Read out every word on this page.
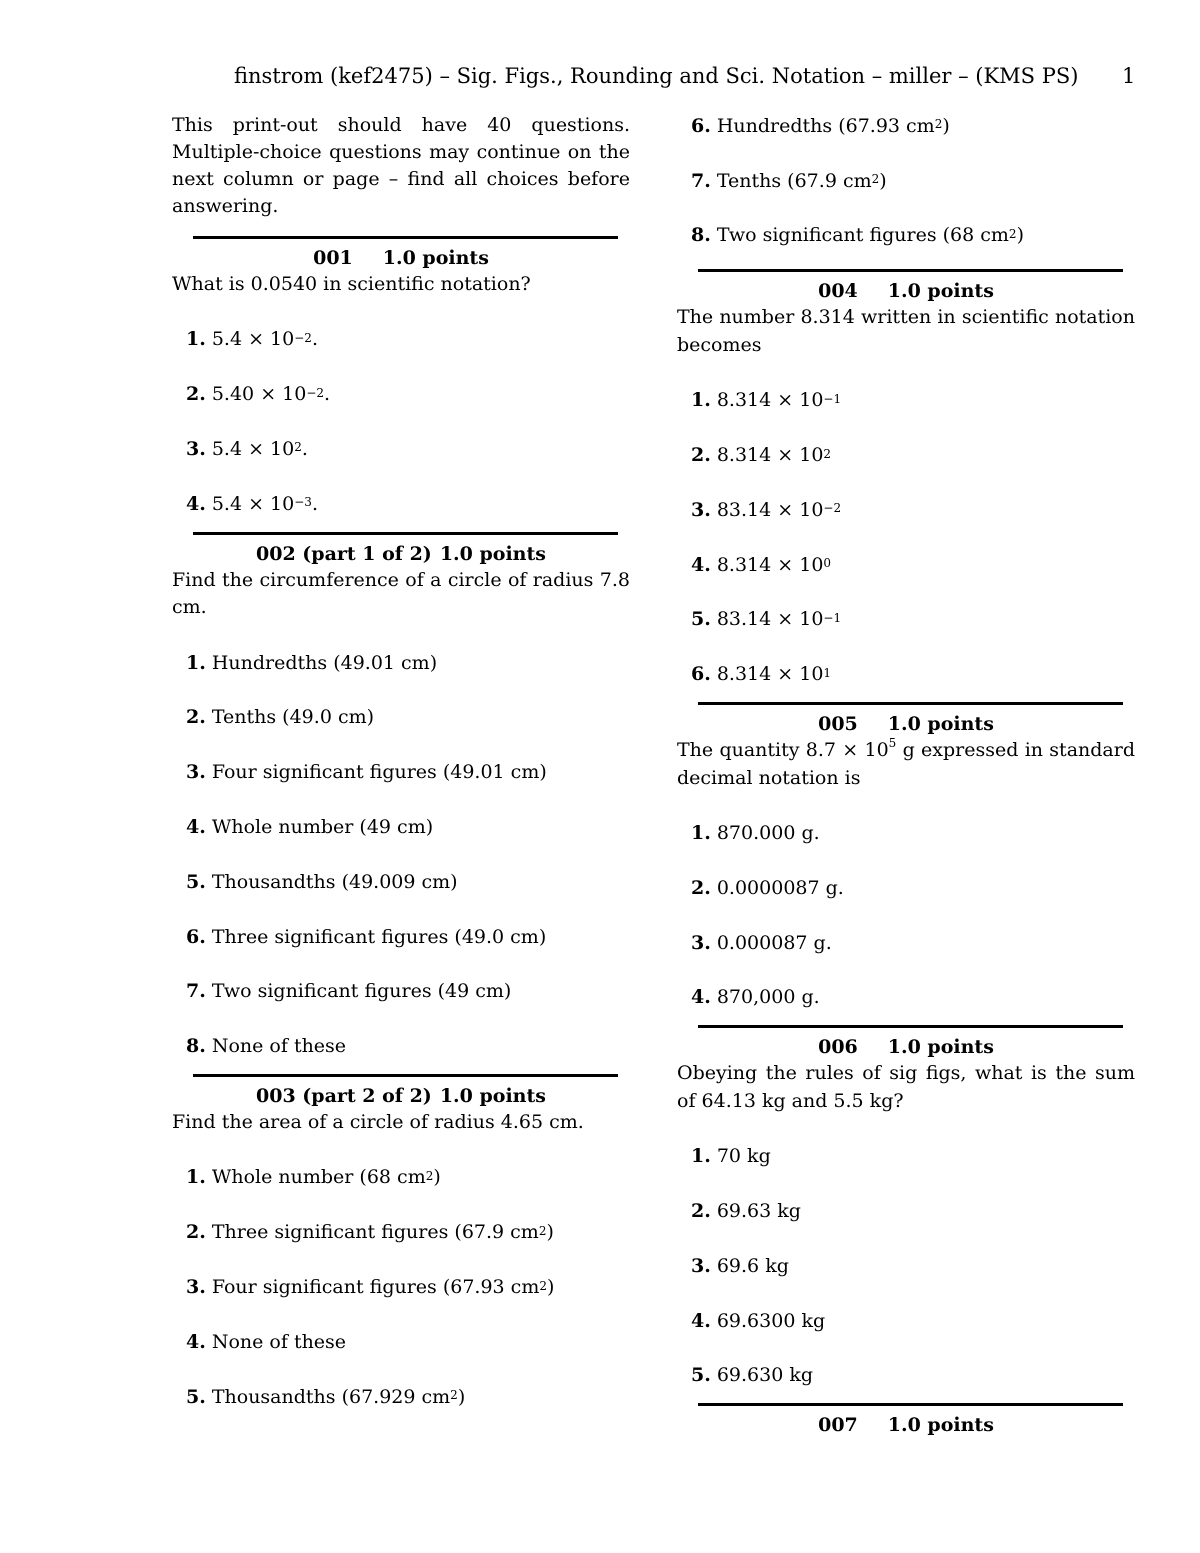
finstrom (kef2475) – Sig. Figs., Rounding and Sci. Notation – miller – (KMS PS) 1
This print-out should have 40 questions. Multiple-choice questions may continue on the next column or page – find all choices before answering.
001 1.0 points
What is 0.0540 in scientific notation?
1. $5.4 \times 10^{-2}$ .
2. $5.40 \times 10^{-2}$ .
3. $5.4 \times 10^2$ .
4. $5.4 \times 10^{-3}$ .
002 (part 1 of 2) 1.0 points
Find the circumference of a circle of radius 7.8 cm.
1. Hundredths (49.01 cm)
2. Tenths (49.0 cm)
3. Four significant figures (49.01 cm)
4. Whole number (49 cm)
5. Thousandths (49.009 cm)
6. Three significant figures (49.0 cm)
7. Two significant figures (49 cm)
8. None of these
003 (part 2 of 2) 1.0 points
Find the area of a circle of radius 4.65 cm.
1. Whole number (68 $cm^2$ )
2. Three significant figures (67.9 $cm^2$ )
3. Four significant figures (67.93 $cm^2$ )
4. None of these
5. Thousandths (67.929 $cm^2$ )
6. Hundredths (67.93 $cm^2$ )
7. Tenths (67.9 $cm^2$ )
8. Two significant figures (68 $cm^2$ )
004 1.0 points
The number 8.314 written in scientific notation becomes
1. $8.314 \times 10^{-1}$
2. $8.314 \times 10^2$
3. $83.14 \times 10^{-2}$
4. $8.314 \times 10^0$
5. $83.14 \times 10^{-1}$
6. $8.314 \times 10^1$
005 1.0 points
The quantity $8.7 \times 10^5$ g expressed in standard decimal notation is
1. 870.000 g.
2. 0.0000087 g.
3. 0.000087 g.
4. 870,000 g.
006 1.0 points
Obeying the rules of sig figs, what is the sum of 64.13 kg and 5.5 kg?
1. 70 kg
2. 69.63 kg
3. 69.6 kg
4. 69.6300 kg
5. 69.630 kg
007 1.0 points
